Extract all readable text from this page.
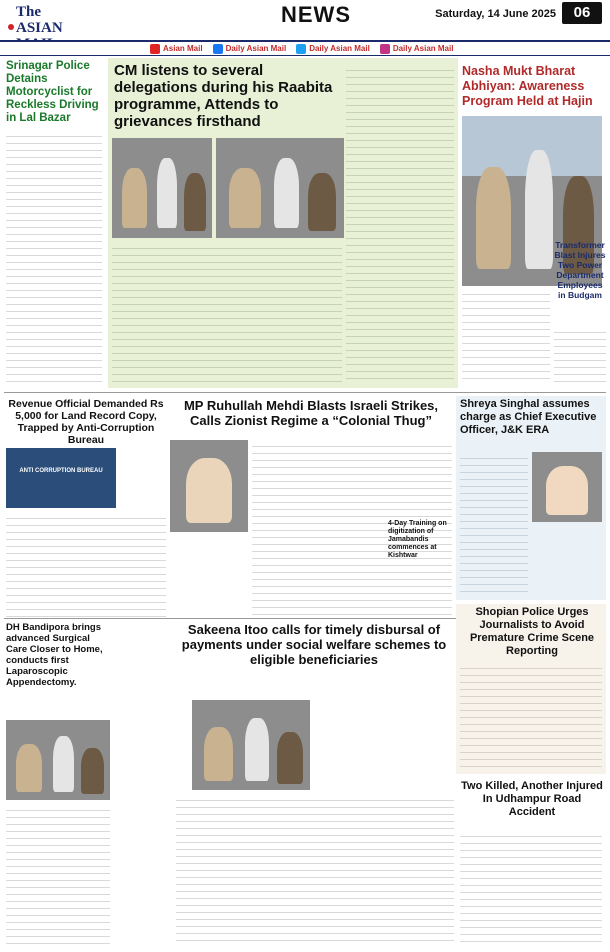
The ASIAN
NEWS	Saturday, 14 June 2025	06
Asian Mail	Daily Asian Mail	Daily Asian Mail	Daily Asian Mail
Srinagar Police Detains Motorcyclist for Reckless Driving in Lal Bazar
CM listens to several delegations during his Raabita programme, Attends to grievances firsthand
Nasha Mukt Bharat Abhiyan: Awareness Program Held at Hajin
Transformer Blast Injures Two Power Department Employees in Budgam
Revenue Official Demanded Rs 5,000 for Land Record Copy, Trapped by Anti-Corruption Bureau
ANTI CORRUPTION BUREAU
MP Ruhullah Mehdi Blasts Israeli Strikes, Calls Zionist Regime a “Colonial Thug”
4-Day Training on digitization of Jamabandis commences at Kishtwar
Shreya Singhal assumes charge as Chief Executive Officer, J&K ERA
DH Bandipora brings advanced Surgical Care Closer to Home, conducts first Laparoscopic Appendectomy.
Sakeena Itoo calls for timely disbursal of payments under social welfare schemes to eligible beneficiaries
Shopian Police Urges Journalists to Avoid Premature Crime Scene Reporting
Two Killed, Another Injured In Udhampur Road Accident
